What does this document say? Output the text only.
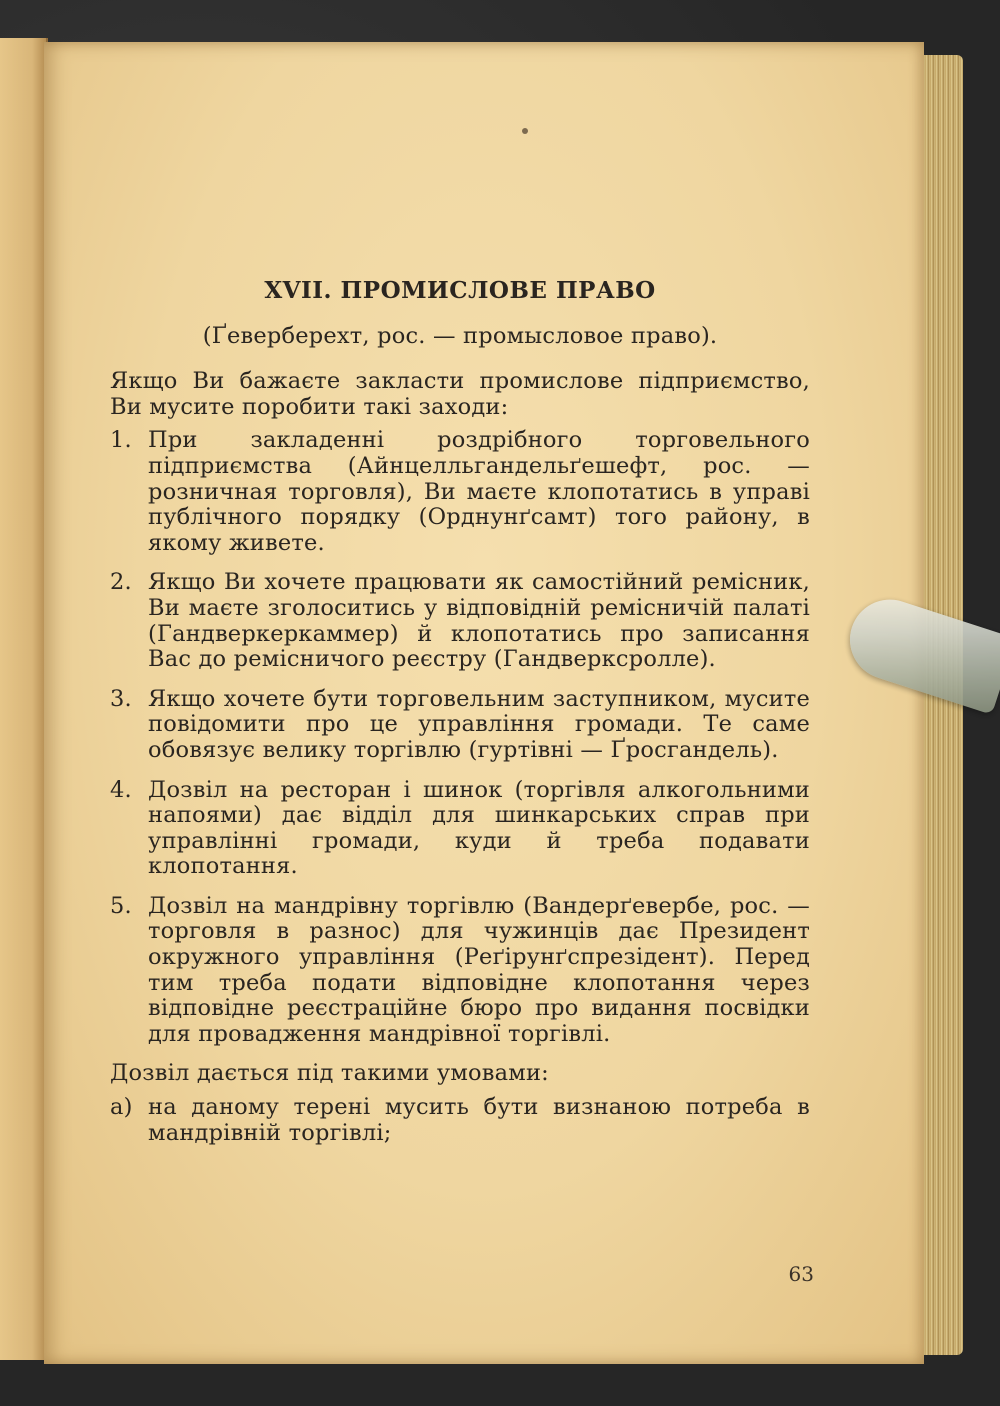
XVII. ПРОМИСЛОВЕ ПРАВО
(Ґеверберехт, рос. — промысловое право).
Якщо Ви бажаєте закласти промислове підприємство, Ви мусите поробити такі заходи:
1. При закладенні роздрібного торговельного підприємства (Айнцелльгандельґешефт, рос. — розничная торговля), Ви маєте клопотатись в управі публічного порядку (Орднунґсамт) того району, в якому живете.
2. Якщо Ви хочете працювати як самостійний ремісник, Ви маєте зголоситись у відповідній ремісничій палаті (Гандверкеркаммер) й клопотатись про записання Вас до ремісничого реєстру (Гандверксролле).
3. Якщо хочете бути торговельним заступником, мусите повідомити про це управління громади. Те саме обовязує велику торгівлю (гуртівні — Ґросгандель).
4. Дозвіл на ресторан і шинок (торгівля алкогольними напоями) дає відділ для шинкарських справ при управлінні громади, куди й треба подавати клопотання.
5. Дозвіл на мандрівну торгівлю (Вандерґевербе, рос. — торговля в разнос) для чужинців дає Президент окружного управління (Реґірунґспрезідент). Перед тим треба подати відповідне клопотання через відповідне реєстраційне бюро про видання посвідки для провадження мандрівної торгівлі.
Дозвіл дається під такими умовами:
а) на даному терені мусить бути визнаною потреба в мандрівній торгівлі;
63
